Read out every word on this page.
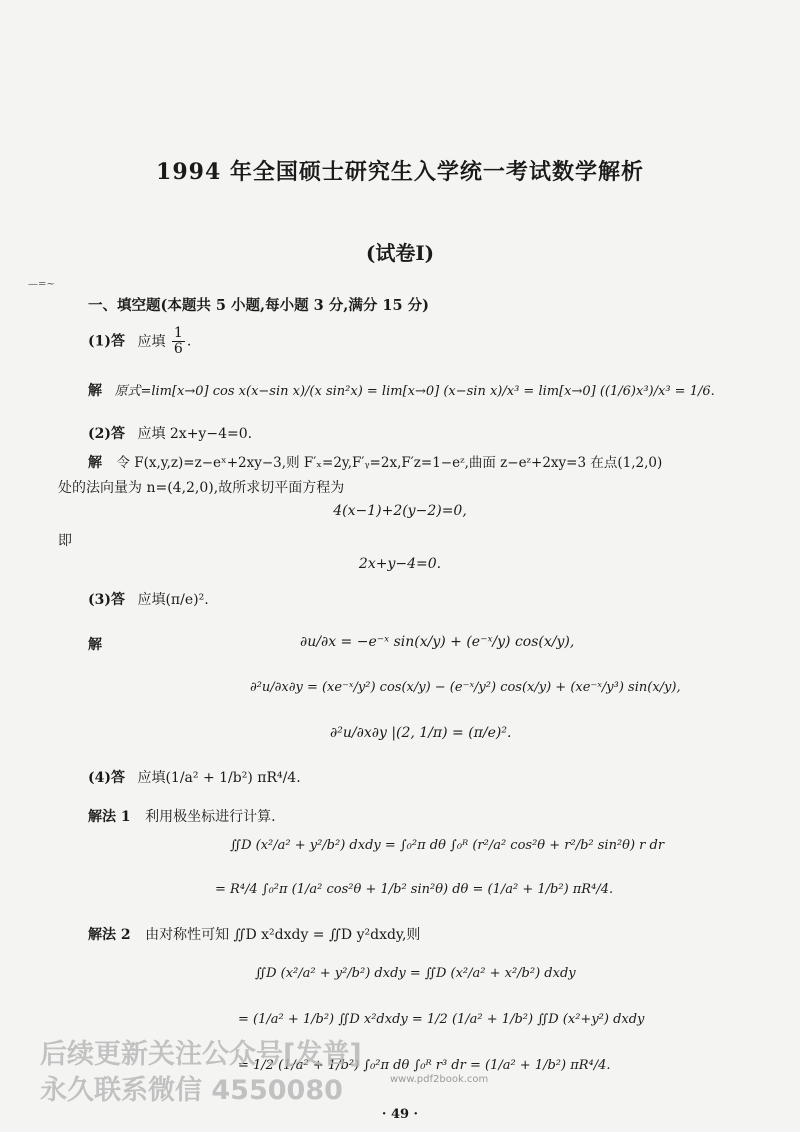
1994 年全国硕士研究生入学统一考试数学解析
(试卷Ⅰ)
—=~
一、填空题(本题共 5 小题,每小题 3 分,满分 15 分)
(1)答 应填 $\frac{1}{6}$ .
解 原式=lim[x→0] cos x(x−sin x)/(x sin²x) = lim[x→0] (x−sin x)/x³ = lim[x→0] ((1/6)x³)/x³ = 1/6.
(2)答 应填 2x+y−4=0.
解 令 F(x,y,z)=z−eˣ+2xy−3,则 F′ₓ=2y,F′ᵧ=2x,F′z=1−eᶻ,曲面 z−eᶻ+2xy=3 在点(1,2,0)
处的法向量为 n=(4,2,0),故所求切平面方程为
4(x−1)+2(y−2)=0,
即
2x+y−4=0.
(3)答 应填(π/e)².
解	∂u/∂x = −e⁻ˣ sin(x/y) + (e⁻ˣ/y) cos(x/y),
∂²u/∂x∂y = (xe⁻ˣ/y²) cos(x/y) − (e⁻ˣ/y²) cos(x/y) + (xe⁻ˣ/y³) sin(x/y),
∂²u/∂x∂y |(2, 1/π) = (π/e)².
(4)答 应填(1/a² + 1/b²) πR⁴/4.
解法 1 利用极坐标进行计算.
∬D (x²/a² + y²/b²) dxdy = ∫₀²π dθ ∫₀ᴿ (r²/a² cos²θ + r²/b² sin²θ) r dr
= R⁴/4 ∫₀²π (1/a² cos²θ + 1/b² sin²θ) dθ = (1/a² + 1/b²) πR⁴/4.
解法 2 由对称性可知 ∬D x²dxdy = ∬D y²dxdy,则
∬D (x²/a² + y²/b²) dxdy = ∬D (x²/a² + x²/b²) dxdy
= (1/a² + 1/b²) ∬D x²dxdy = 1/2 (1/a² + 1/b²) ∬D (x²+y²) dxdy
= 1/2 (1/a² + 1/b²) ∫₀²π dθ ∫₀ᴿ r³ dr = (1/a² + 1/b²) πR⁴/4.
后续更新关注公众号[发普]
永久联系微信 4550080	www.pdf2book.com
· 49 ·
